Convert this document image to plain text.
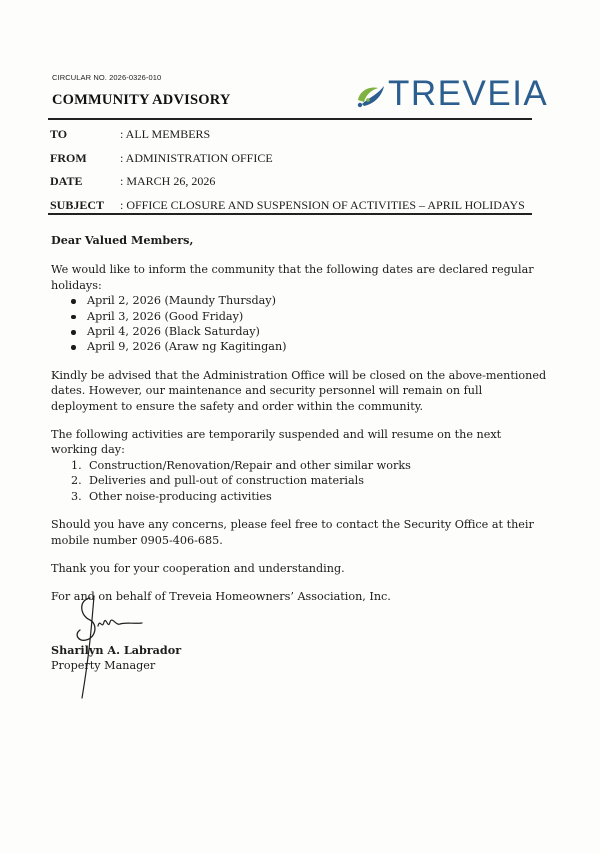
CIRCULAR NO. 2026-0326-010
COMMUNITY ADVISORY	TREVEIA
TO	: ALL MEMBERS
FROM	: ADMINISTRATION OFFICE
DATE	: MARCH 26, 2026
SUBJECT : OFFICE CLOSURE AND SUSPENSION OF ACTIVITIES – APRIL HOLIDAYS

Dear Valued Members,

We would like to inform the community that the following dates are declared regular holidays:

April 2, 2026 (Maundy Thursday)
April 3, 2026 (Good Friday)
April 4, 2026 (Black Saturday)
April 9, 2026 (Araw ng Kagitingan)

Kindly be advised that the Administration Office will be closed on the above-mentioned dates. However, our maintenance and security personnel will remain on full deployment to ensure the safety and order within the community.

The following activities are temporarily suspended and will resume on the next working day:

1. Construction/Renovation/Repair and other similar works
2. Deliveries and pull-out of construction materials
3. Other noise-producing activities

Should you have any concerns, please feel free to contact the Security Office at their mobile number 0905-406-685.

Thank you for your cooperation and understanding.

For and on behalf of Treveia Homeowners’ Association, Inc.

Sharilyn A. Labrador
Property Manager
